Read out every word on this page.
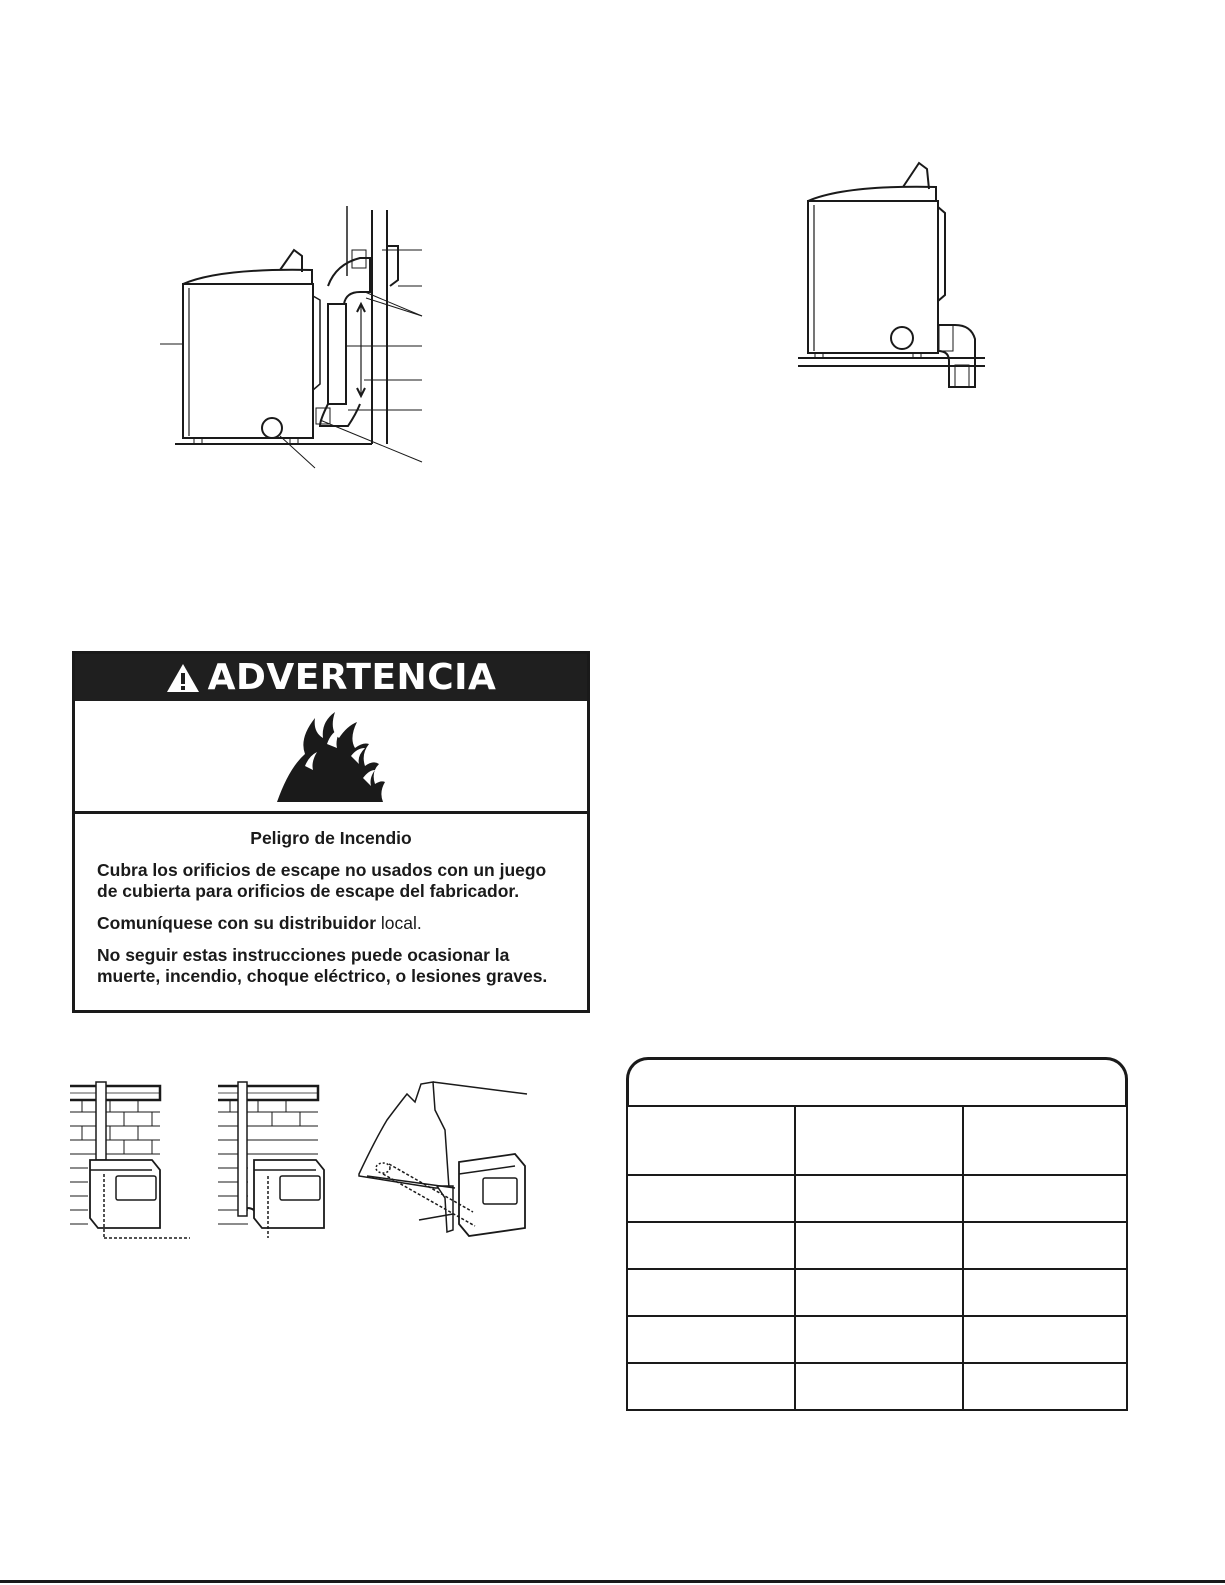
ADVERTENCIA

Peligro de Incendio

Cubra los orificios de escape no usados con un juego de cubierta para orificios de escape del fabricador.

Comuníquese con su distribuidor local.

No seguir estas instrucciones puede ocasionar la muerte, incendio, choque eléctrico, o lesiones graves.
